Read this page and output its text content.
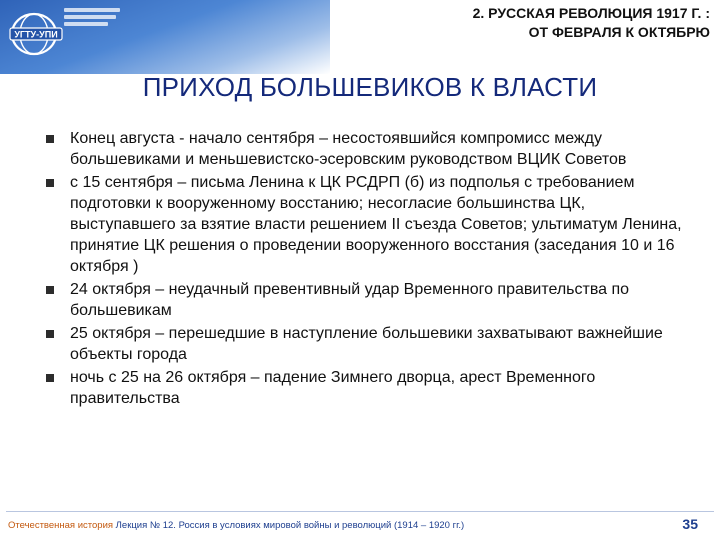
УГТУ-УПИ
2. РУССКАЯ РЕВОЛЮЦИЯ 1917 Г. :
ОТ ФЕВРАЛЯ К ОКТЯБРЮ
ПРИХОД БОЛЬШЕВИКОВ К ВЛАСТИ
Конец августа - начало сентября – несостоявшийся компромисс между большевиками и меньшевистско-эсеровским руководством ВЦИК Советов
с 15 сентября – письма Ленина к ЦК РСДРП (б) из подполья с требованием подготовки к вооруженному восстанию; несогласие большинства ЦК, выступавшего за взятие власти решением II съезда Советов; ультиматум Ленина, принятие ЦК решения о проведении вооруженного восстания (заседания 10 и 16 октября )
24 октября – неудачный превентивный удар Временного правительства по большевикам
25 октября – перешедшие в наступление большевики захватывают важнейшие объекты города
ночь с 25 на 26 октября – падение Зимнего дворца, арест Временного правительства
Отечественная история Лекция № 12. Россия в условиях мировой войны и революций (1914 – 1920 гг.)	35
